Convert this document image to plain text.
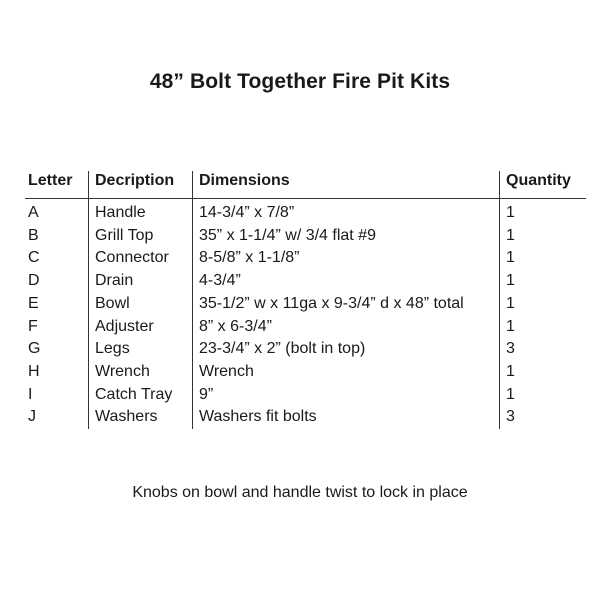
48” Bolt Together Fire Pit Kits
Letter	Decription	Dimensions	Quantity
A	Handle	14-3/4” x 7/8”	1
B	Grill Top	35” x 1-1/4” w/ 3/4 flat #9	1
C	Connector	8-5/8” x 1-1/8”	1
D	Drain	4-3/4”	1
E	Bowl	35-1/2” w x 11ga x 9-3/4” d x 48” total	1
F	Adjuster	8” x 6-3/4”	1
G	Legs	23-3/4” x 2” (bolt in top)	3
H	Wrench	Wrench	1
I	Catch Tray	9”	1
J	Washers	Washers fit bolts	3
Knobs on bowl and handle twist to lock in place
